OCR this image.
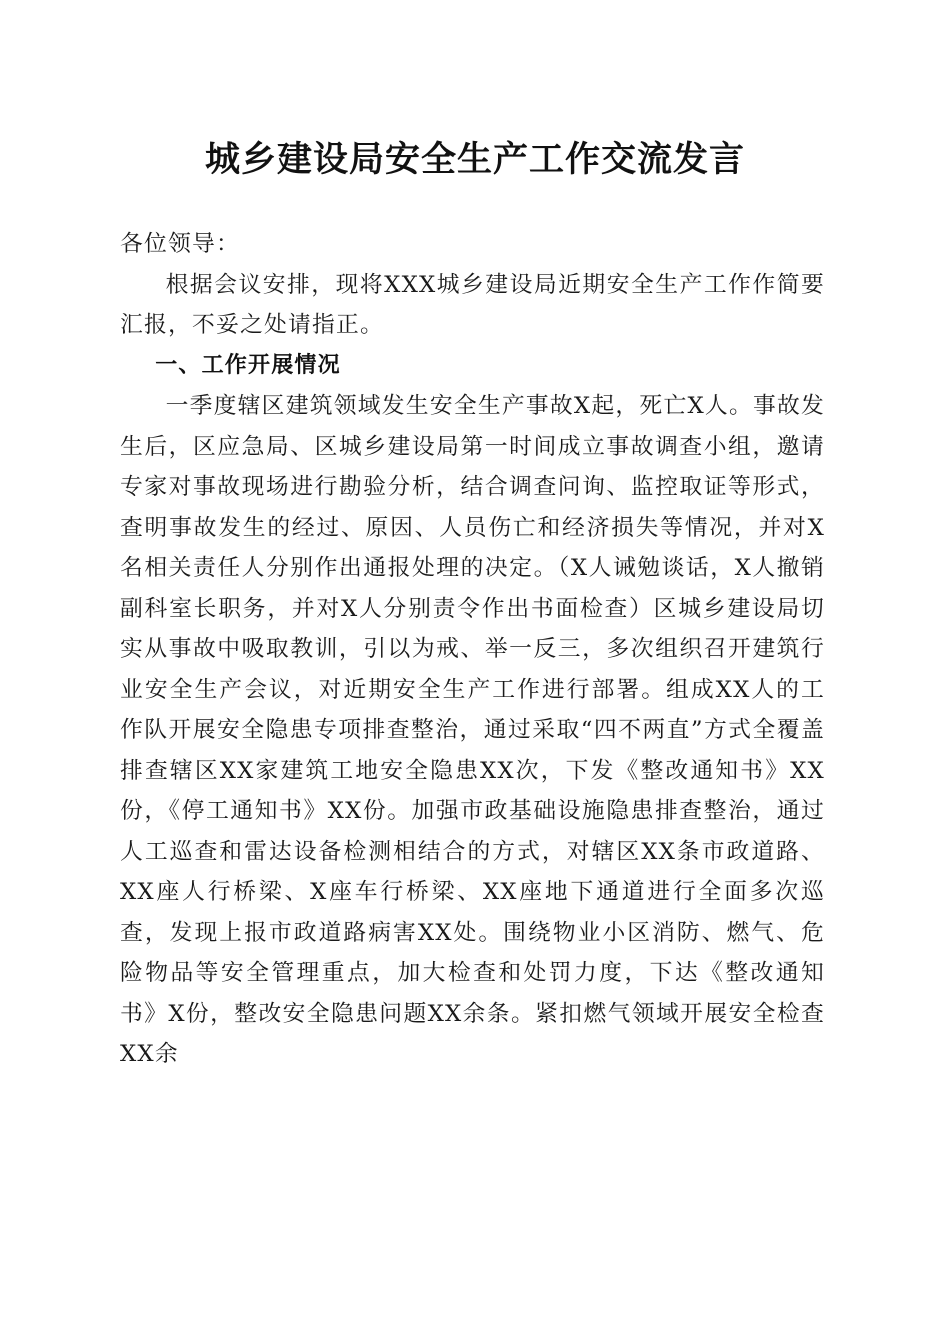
城乡建设局安全生产工作交流发言

各位领导：

根据会议安排，现将XXX城乡建设局近期安全生产工作作简要汇报，不妥之处请指正。

一、工作开展情况

一季度辖区建筑领域发生安全生产事故X起，死亡X人。事故发生后，区应急局、区城乡建设局第一时间成立事故调查小组，邀请专家对事故现场进行勘验分析，结合调查问询、监控取证等形式，查明事故发生的经过、原因、人员伤亡和经济损失等情况，并对X名相关责任人分别作出通报处理的决定。（X人诫勉谈话，X人撤销副科室长职务，并对X人分别责令作出书面检查）区城乡建设局切实从事故中吸取教训，引以为戒、举一反三，多次组织召开建筑行业安全生产会议，对近期安全生产工作进行部署。组成XX人的工作队开展安全隐患专项排查整治，通过采取“四不两直”方式全覆盖排查辖区XX家建筑工地安全隐患XX次，下发《整改通知书》XX份，《停工通知书》XX份。加强市政基础设施隐患排查整治，通过人工巡查和雷达设备检测相结合的方式，对辖区XX条市政道路、XX座人行桥梁、X座车行桥梁、XX座地下通道进行全面多次巡查，发现上报市政道路病害XX处。围绕物业小区消防、燃气、危险物品等安全管理重点，加大检查和处罚力度，下达《整改通知书》X份，整改安全隐患问题XX余条。紧扣燃气领域开展安全检查XX余
